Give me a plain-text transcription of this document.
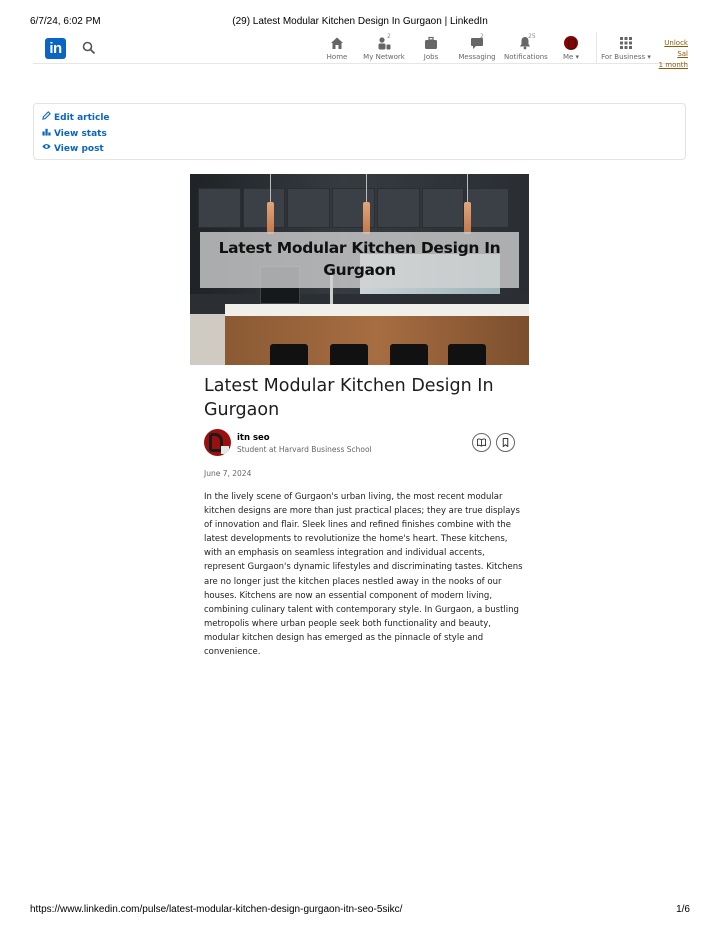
6/7/24, 6:02 PM	(29) Latest Modular Kitchen Design In Gurgaon | LinkedIn
in	Home
2
My Network	Jobs
2
Messaging
25
Notifications	Me ▾	For Business ▾
Unlock Sal
1 month
Edit article
View stats
View post
Latest Modular Kitchen Design In Gurgaon
Latest Modular Kitchen Design In Gurgaon
itn seo
Student at Harvard Business School
June 7, 2024

In the lively scene of Gurgaon's urban living, the most recent modular kitchen designs are more than just practical places; they are true displays of innovation and flair. Sleek lines and refined finishes combine with the latest developments to revolutionize the home's heart. These kitchens, with an emphasis on seamless integration and individual accents, represent Gurgaon's dynamic lifestyles and discriminating tastes. Kitchens are no longer just the kitchen places nestled away in the nooks of our houses. Kitchens are now an essential component of modern living, combining culinary talent with contemporary style. In Gurgaon, a bustling metropolis where urban people seek both functionality and beauty, modular kitchen design has emerged as the pinnacle of style and convenience.

https://www.linkedin.com/pulse/latest-modular-kitchen-design-gurgaon-itn-seo-5sikc/	1/6
